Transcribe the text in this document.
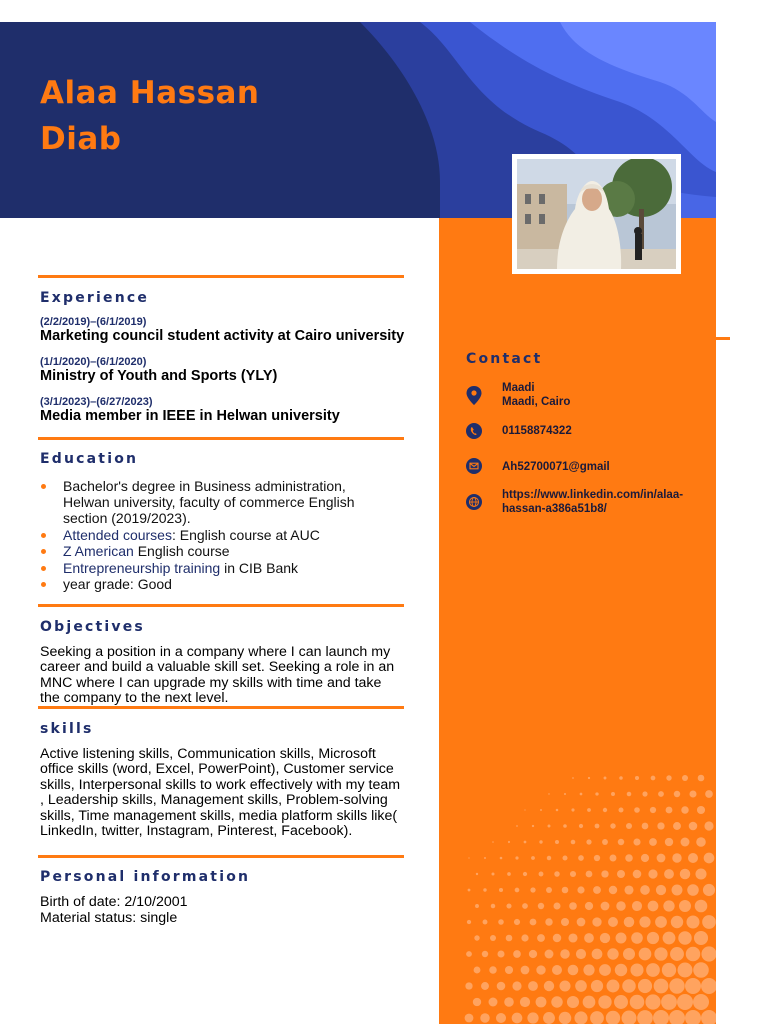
Alaa Hassan
Diab
Experience
(2/2/2019)–(6/1/2019)
Marketing council student activity at Cairo university
(1/1/2020)–(6/1/2020)
Ministry of Youth and Sports (YLY)
(3/1/2023)–(6/27/2023)
Media member in IEEE in Helwan university
Education
Bachelor's degree in Business administration, Helwan university, faculty of commerce English section (2019/2023).
Attended courses: English course at AUC
Z American English course
Entrepreneurship training in CIB Bank
year grade: Good
Objectives

Seeking a position in a company where I can launch my career and build a valuable skill set. Seeking a role in an MNC where I can upgrade my skills with time and take the company to the next level.

skills

Active listening skills, Communication skills, Microsoft office skills (word, Excel, PowerPoint), Customer service skills, Interpersonal skills to work effectively with my team , Leadership skills, Management skills, Problem-solving skills, Time management skills, media platform skills like( LinkedIn, twitter, Instagram, Pinterest, Facebook).

Personal information
Birth of date: 2/10/2001
Material status: single
Contact
Maadi
Maadi, Cairo
01158874322
Ah52700071@gmail
https://www.linkedin.com/in/alaa-
hassan-a386a51b8/
